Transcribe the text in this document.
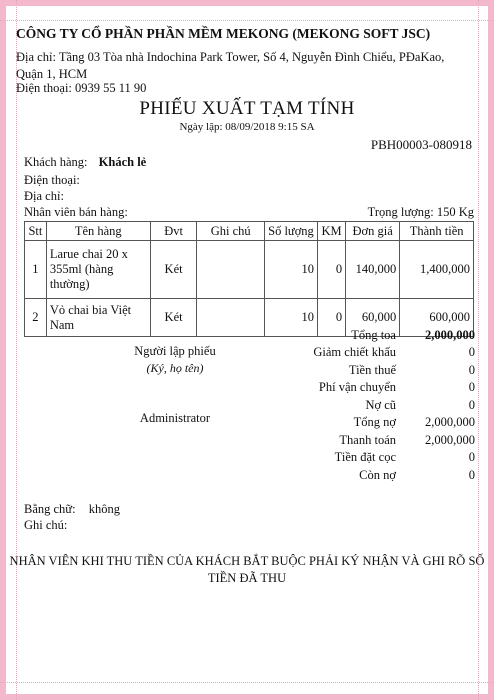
CÔNG TY CỔ PHẦN PHẦN MỀM MEKONG (MEKONG SOFT JSC)
Địa chỉ: Tầng 03 Tòa nhà Indochina Park Tower, Số 4, Nguyễn Đình Chiểu, PĐaKao, Quận 1, HCM
Điện thoại: 0939 55 11 90
PHIẾU XUẤT TẠM TÍNH
Ngày lập: 08/09/2018 9:15 SA
PBH00003-080918
Khách hàng: Khách lẻ
Điện thoại:
Địa chỉ:
Nhân viên bán hàng:	Trọng lượng: 150 Kg
Stt	Tên hàng	Đvt	Ghi chú	Số lượng	KM	Đơn giá	Thành tiền
1	Larue chai 20 x 355ml (hàng thường)	Két		10	0	140,000	1,400,000
2	Vỏ chai bia Việt Nam	Két		10	0	60,000	600,000
Người lập phiếu
(Ký, họ tên)
Administrator
Tổng toa	2,000,000
Giảm chiết khấu	0
Tiền thuế	0
Phí vận chuyển	0
Nợ cũ	0
Tổng nợ	2,000,000
Thanh toán	2,000,000
Tiền đặt cọc	0
Còn nợ	0
Bằng chữ: không
Ghi chú:
NHÂN VIÊN KHI THU TIỀN CỦA KHÁCH BẮT BUỘC PHẢI KÝ NHẬN VÀ GHI RÕ SỐ TIỀN ĐÃ THU
